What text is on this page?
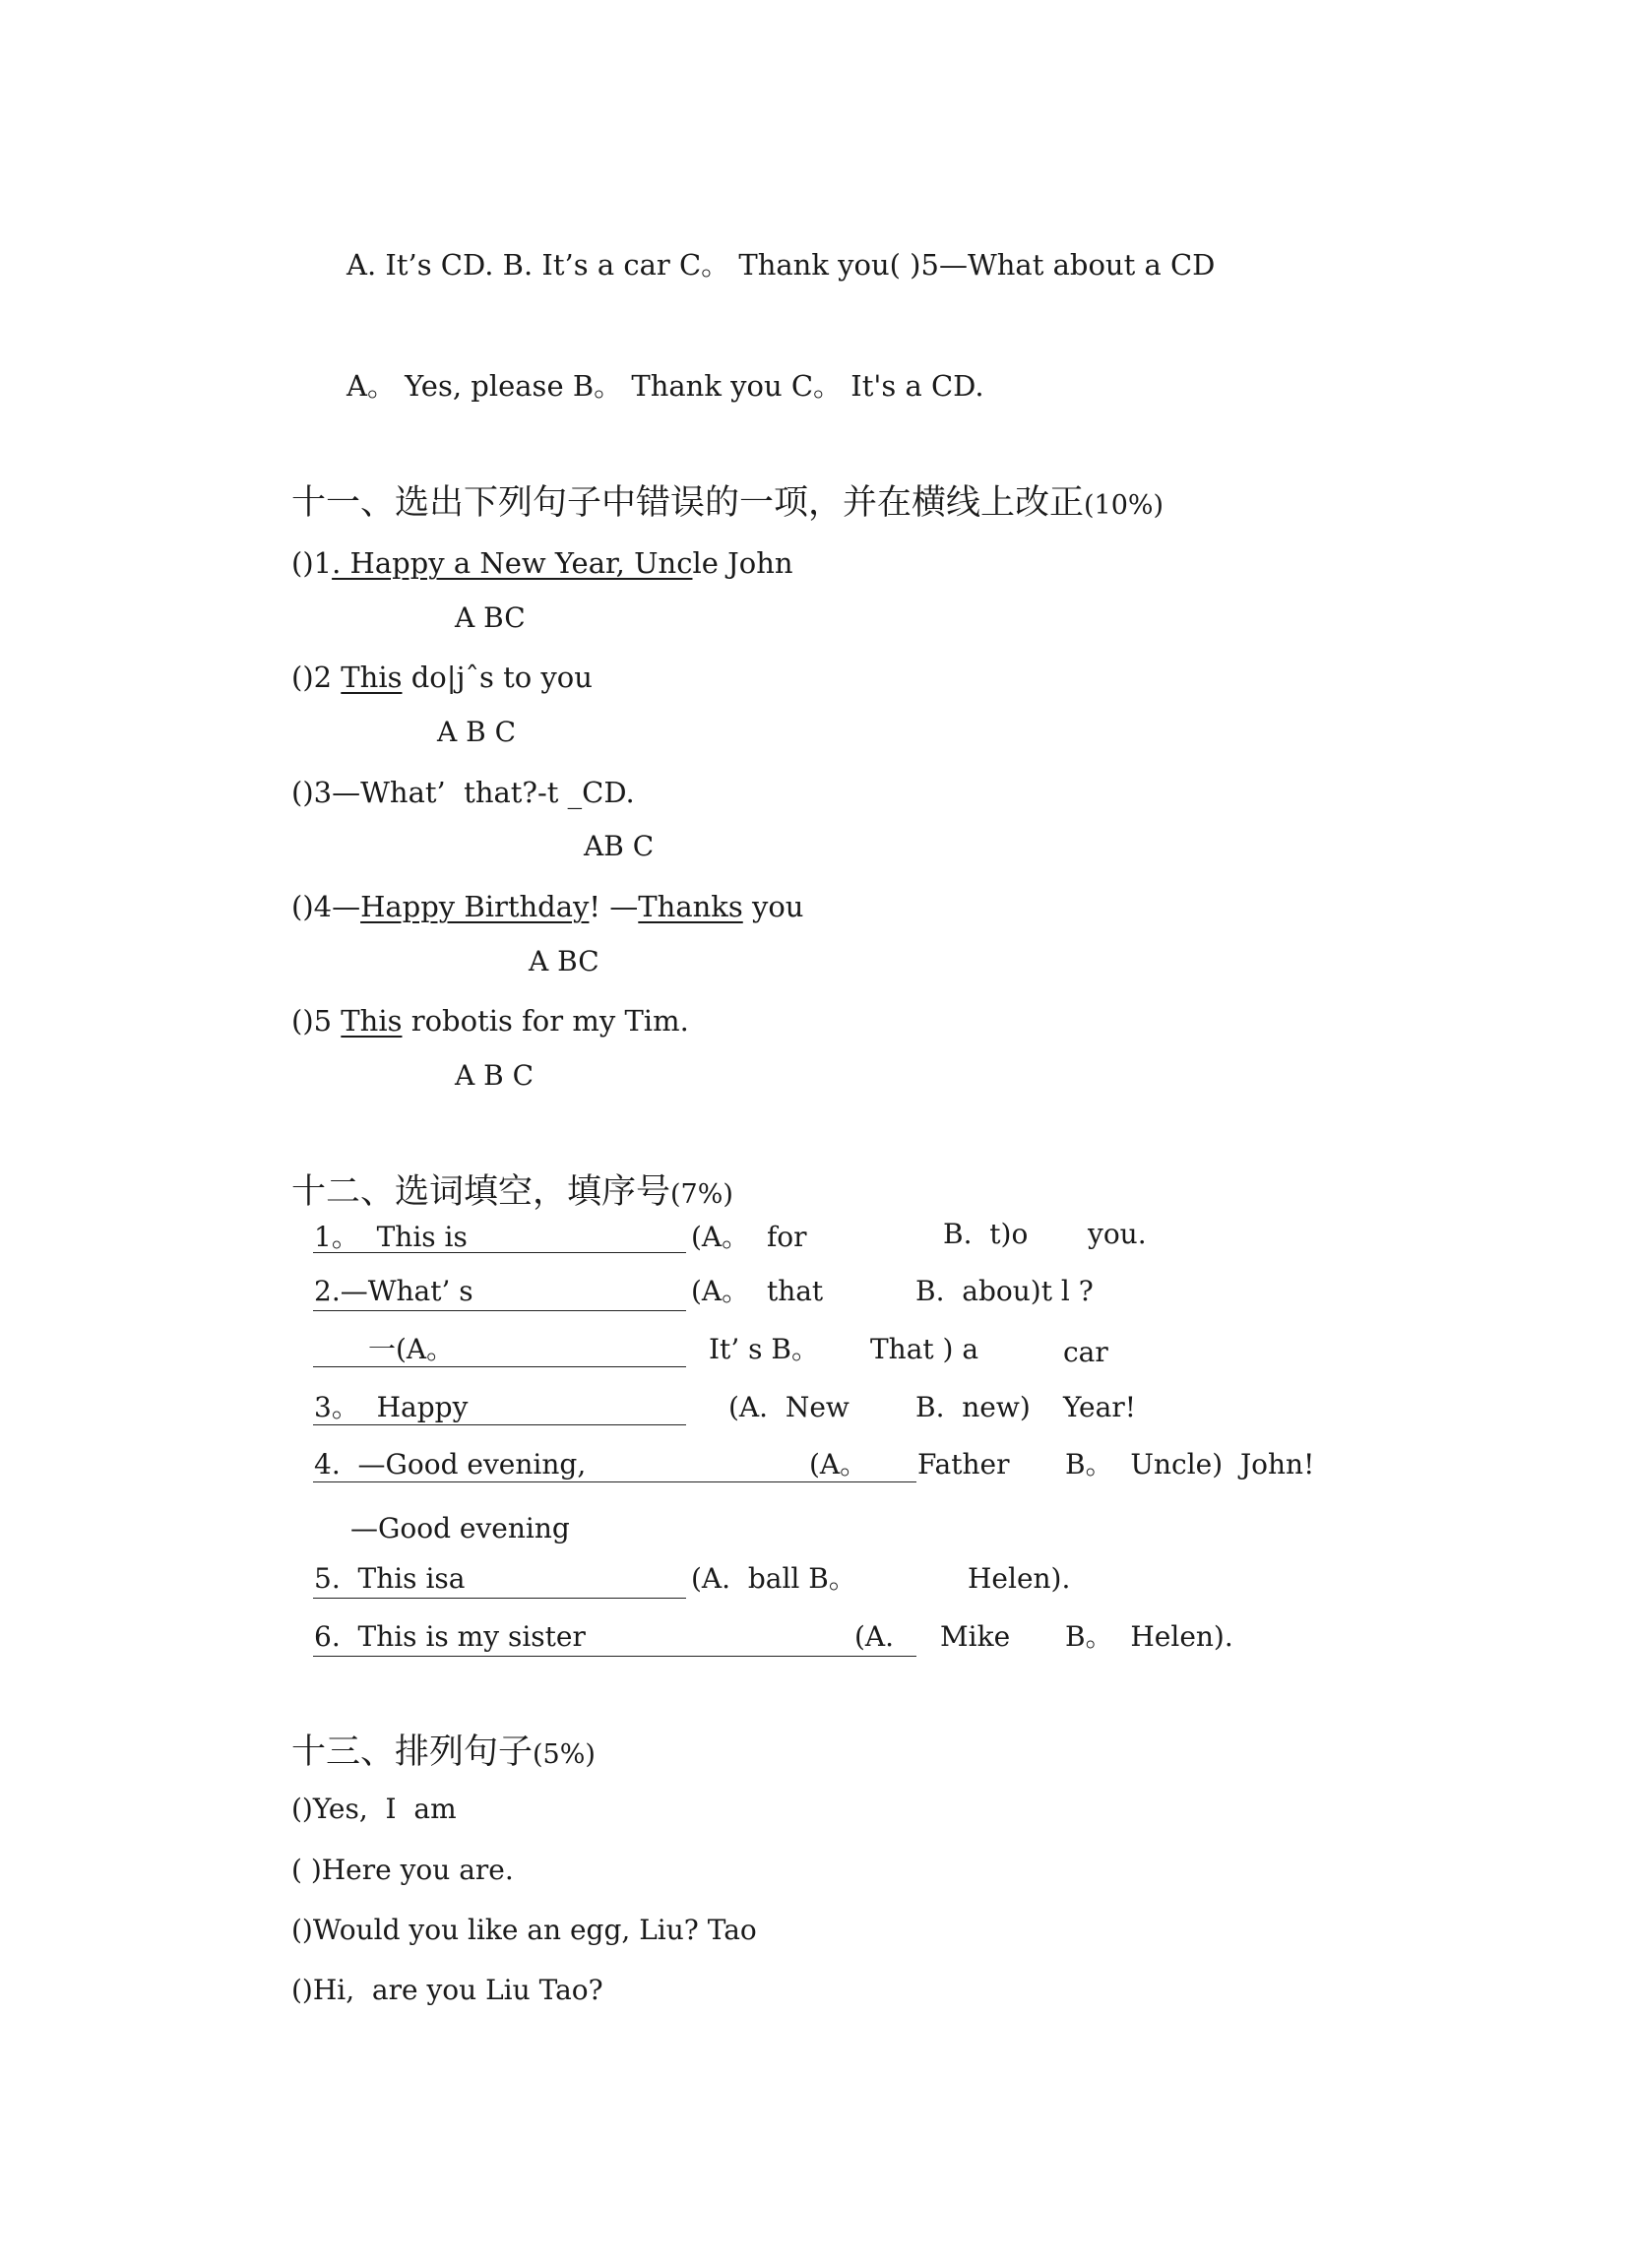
A. It’s CD. B. It’s a car C。 Thank you( )5—What about a CD
A。 Yes, please B。 Thank you C。 It's a CD.
十一、选出下列句子中错误的一项，并在横线上改正(10%)
()1. Happy a New Year, Uncle John
A BC
()2 This do|jˆs to you
A B C
()3—What’  that?-t _CD.
AB C
()4—Happy Birthday! —Thanks you
A BC
()5 This robotis for my Tim.
A B C
十二、选词填空，填序号(7%)
1。  This is	(A。  for	B.  t)o you.
2.—What’ s	(A。  that	B.  abou)t l ?
一(A。	It’ s B。 That ) a	car
3。  Happy	(A.  New B.  new) Year!
4.  —Good evening,	(A。 Father B。  Uncle)  John!
—Good evening
5.  This isa	(A.  ball B。	Helen).
6.  This is my sister	(A. Mike B。  Helen).
十三、排列句子(5%)
()Yes,  I  am
( )Here you are.
()Would you like an egg, Liu? Tao
()Hi,  are you Liu Tao?
